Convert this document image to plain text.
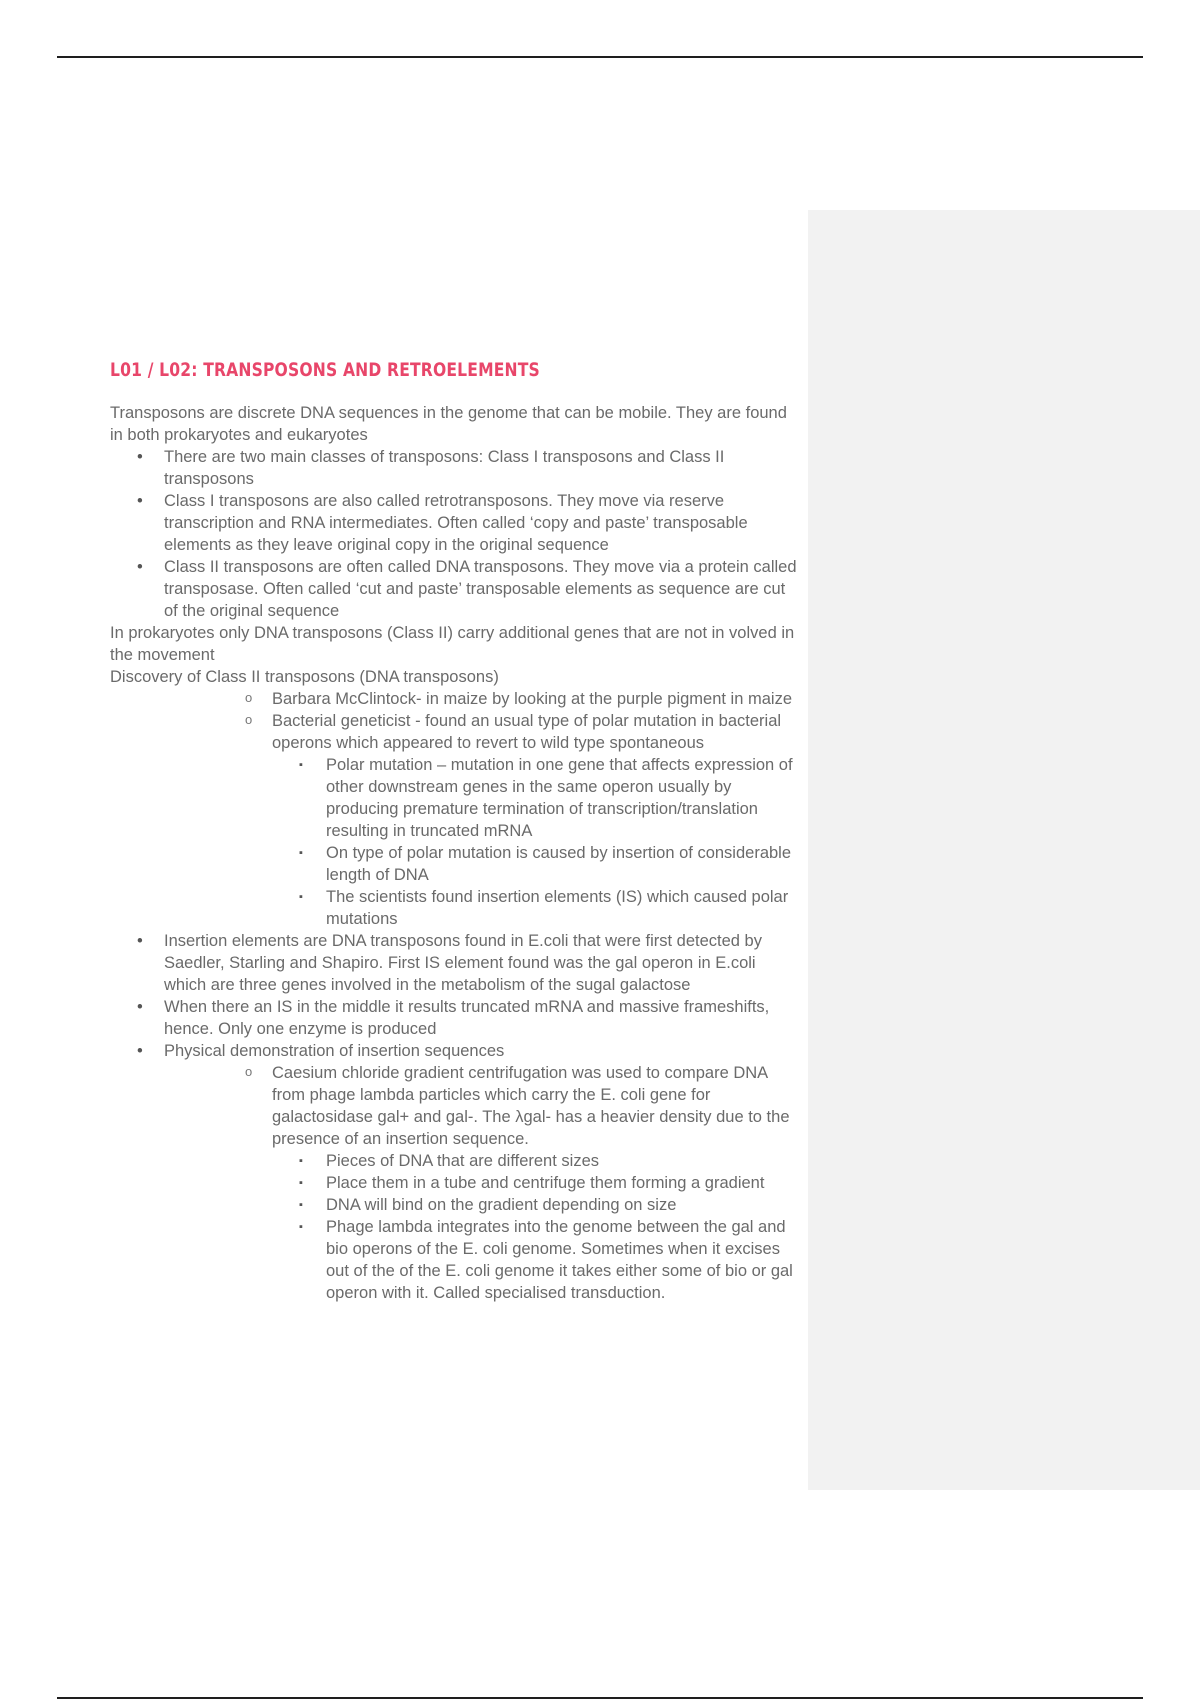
L01 / L02: TRANSPOSONS AND RETROELEMENTS

Transposons are discrete DNA sequences in the genome that can be mobile. They are found in both prokaryotes and eukaryotes

• There are two main classes of transposons: Class I transposons and Class II transposons
• Class I transposons are also called retrotransposons. They move via reserve transcription and RNA intermediates. Often called ‘copy and paste’ transposable elements as they leave original copy in the original sequence
• Class II transposons are often called DNA transposons. They move via a protein called transposase. Often called ‘cut and paste’ transposable elements as sequence are cut of the original sequence

In prokaryotes only DNA transposons (Class II) carry additional genes that are not in volved in the movement

Discovery of Class II transposons (DNA transposons)

o Barbara McClintock- in maize by looking at the purple pigment in maize
o Bacterial geneticist - found an usual type of polar mutation in bacterial operons which appeared to revert to wild type spontaneous
▪ Polar mutation – mutation in one gene that affects expression of other downstream genes in the same operon usually by producing premature termination of transcription/translation resulting in truncated mRNA
▪ On type of polar mutation is caused by insertion of considerable length of DNA
▪ The scientists found insertion elements (IS) which caused polar mutations
• Insertion elements are DNA transposons found in E.coli that were first detected by Saedler, Starling and Shapiro. First IS element found was the gal operon in E.coli which are three genes involved in the metabolism of the sugal galactose
• When there an IS in the middle it results truncated mRNA and massive frameshifts, hence. Only one enzyme is produced
• Physical demonstration of insertion sequences
o Caesium chloride gradient centrifugation was used to compare DNA from phage lambda particles which carry the E. coli gene for galactosidase gal+ and gal-. The λgal- has a heavier density due to the presence of an insertion sequence.
▪ Pieces of DNA that are different sizes
▪ Place them in a tube and centrifuge them forming a gradient
▪ DNA will bind on the gradient depending on size
▪ Phage lambda integrates into the genome between the gal and bio operons of the E. coli genome. Sometimes when it excises out of the of the E. coli genome it takes either some of bio or gal operon with it. Called specialised transduction.
